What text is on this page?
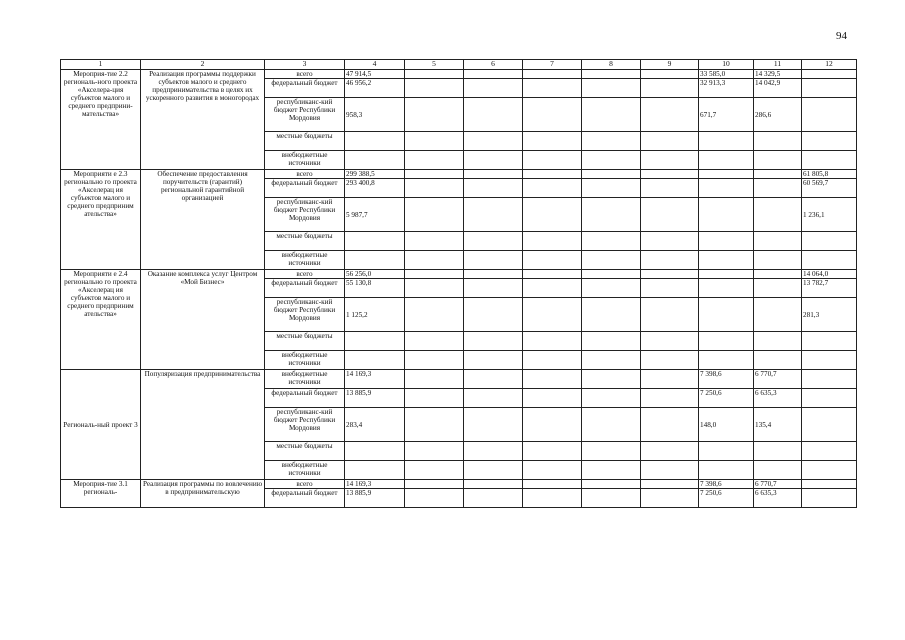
94
1	2	3	4	5	6	7	8	9	10	11	12
Мероприя-тие 2.2 региональ-ного проекта «Акселера-ция субъектов малого и среднего предприни-мательства»	Реализация программы поддержки субъектов малого и среднего предпринимательства в целях их ускоренного развития в моногородах	всего	47 914,5						33 585,0	14 329,5	
		федеральный бюджет	46 956,2						32 913,3	14 042,9	
		республиканс-кий бюджет Республики Мордовия	958,3						671,7	286,6	
		местные бюджеты									
		внебюджетные источники									
Мероприяти е 2.3 регионально го проекта «Акселерац ия субъектов малого и среднего предприним ательства»	Обеспечение предоставления поручительств (гарантий) региональной гарантийной организацией	всего	299 388,5								61 805,8
		федеральный бюджет	293 400,8								60 569,7
		республиканс-кий бюджет Республики Мордовия	5 987,7								1 236,1
		местные бюджеты									
		внебюджетные источники									
Мероприяти е 2.4 регионально го проекта «Акселерац ия субъектов малого и среднего предприним ательства»	Оказание комплекса услуг Центром «Мой Бизнес»	всего	56 256,0								14 064,0
		федеральный бюджет	55 130,8								13 782,7
		республиканс-кий бюджет Республики Мордовия	1 125,2								281,3
		местные бюджеты									
		внебюджетные источники									
Региональ-ный проект 3	Популяризация предпринимательства	внебюджетные источники	14 169,3						7 398,6	6 770,7	
		федеральный бюджет	13 885,9						7 250,6	6 635,3	
		республиканс-кий бюджет Республики Мордовия	283,4						148,0	135,4	
		местные бюджеты									
		внебюджетные источники									
Мероприя-тие 3.1 региональ-	Реализация программы по вовлечению в предпринимательскую	всего	14 169,3						7 398,6	6 770,7	
		федеральный бюджет	13 885,9						7 250,6	6 635,3	
